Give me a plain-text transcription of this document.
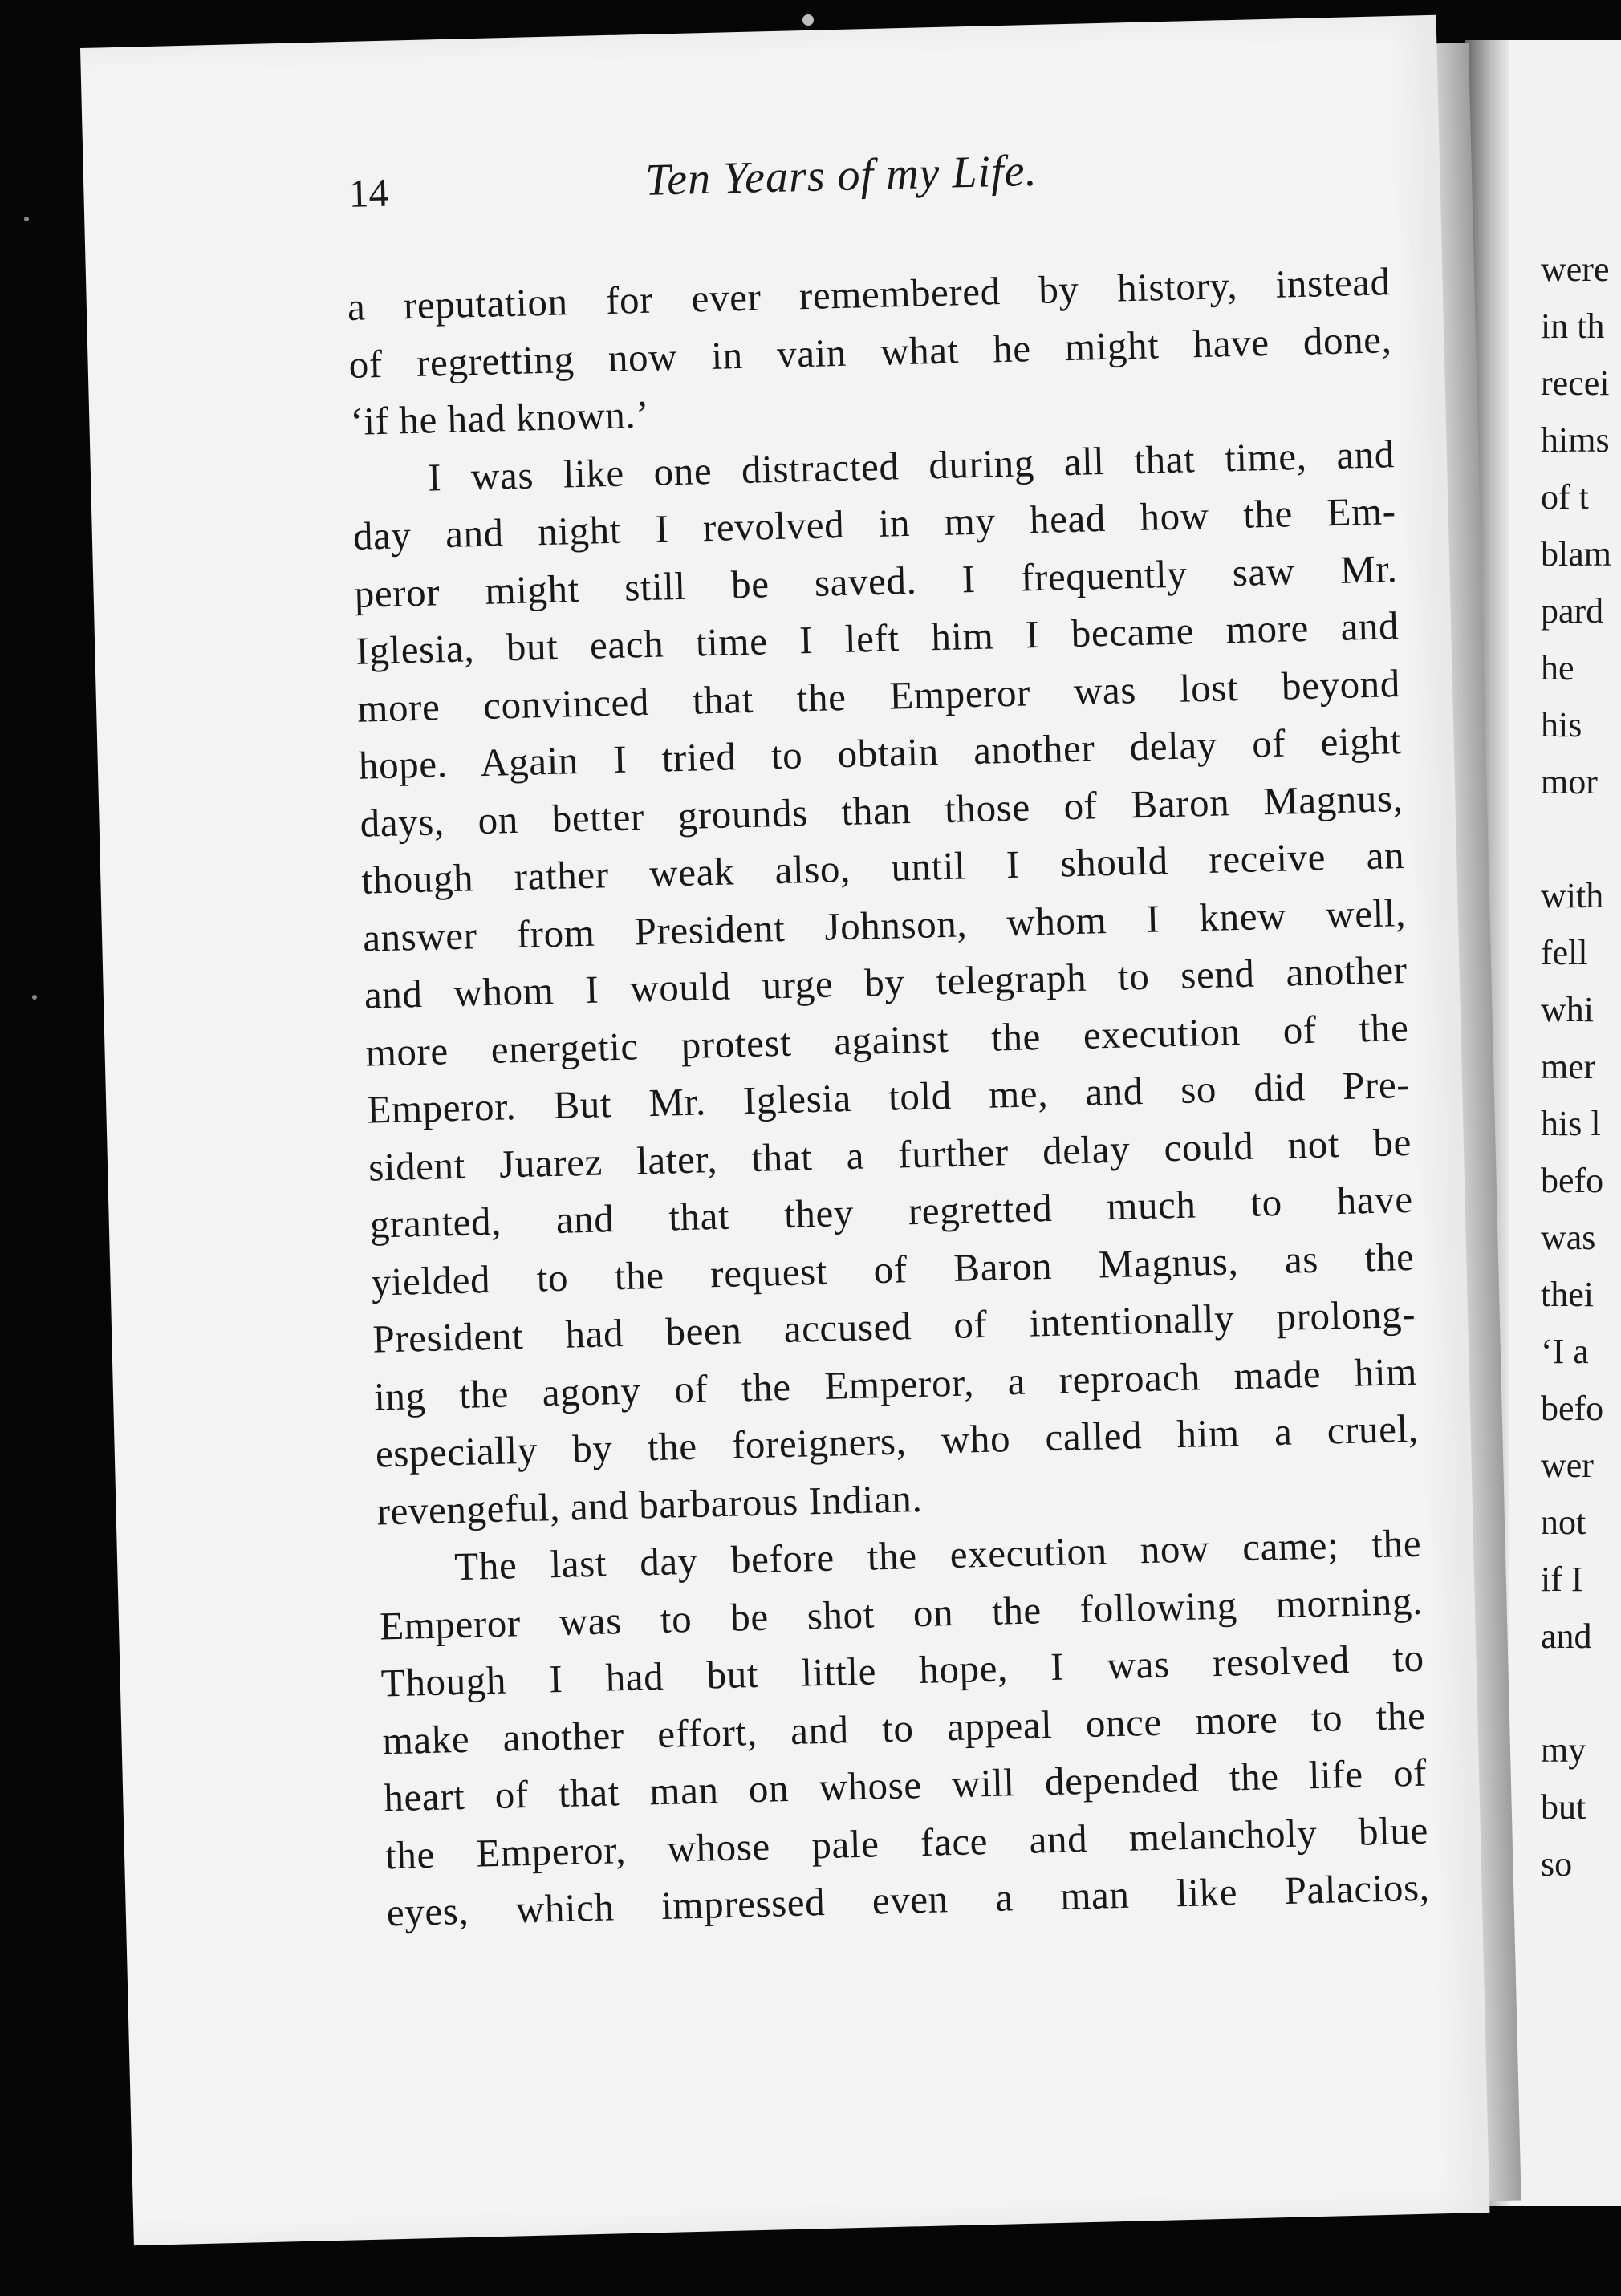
were
in th
recei
hims
of t
blam
pard
he
his
mor
with
fell
whi
mer
his l
befo
was
thei
‘I a
befo
wer
not
if I
and
my
but
so
14	Ten Years of my Life.
a reputation for ever remembered by history, instead
of regretting now in vain what he might have done,
‘if he had known.’
I was like one distracted during all that time, and
day and night I revolved in my head how the Em-
peror might still be saved. I frequently saw Mr.
Iglesia, but each time I left him I became more and
more convinced that the Emperor was lost beyond
hope. Again I tried to obtain another delay of eight
days, on better grounds than those of Baron Magnus,
though rather weak also, until I should receive an
answer from President Johnson, whom I knew well,
and whom I would urge by telegraph to send another
more energetic protest against the execution of the
Emperor. But Mr. Iglesia told me, and so did Pre-
sident Juarez later, that a further delay could not be
granted, and that they regretted much to have
yielded to the request of Baron Magnus, as the
President had been accused of intentionally prolong-
ing the agony of the Emperor, a reproach made him
especially by the foreigners, who called him a cruel,
revengeful, and barbarous Indian.
The last day before the execution now came; the
Emperor was to be shot on the following morning.
Though I had but little hope, I was resolved to
make another effort, and to appeal once more to the
heart of that man on whose will depended the life of
the Emperor, whose pale face and melancholy blue
eyes, which impressed even a man like Palacios,
